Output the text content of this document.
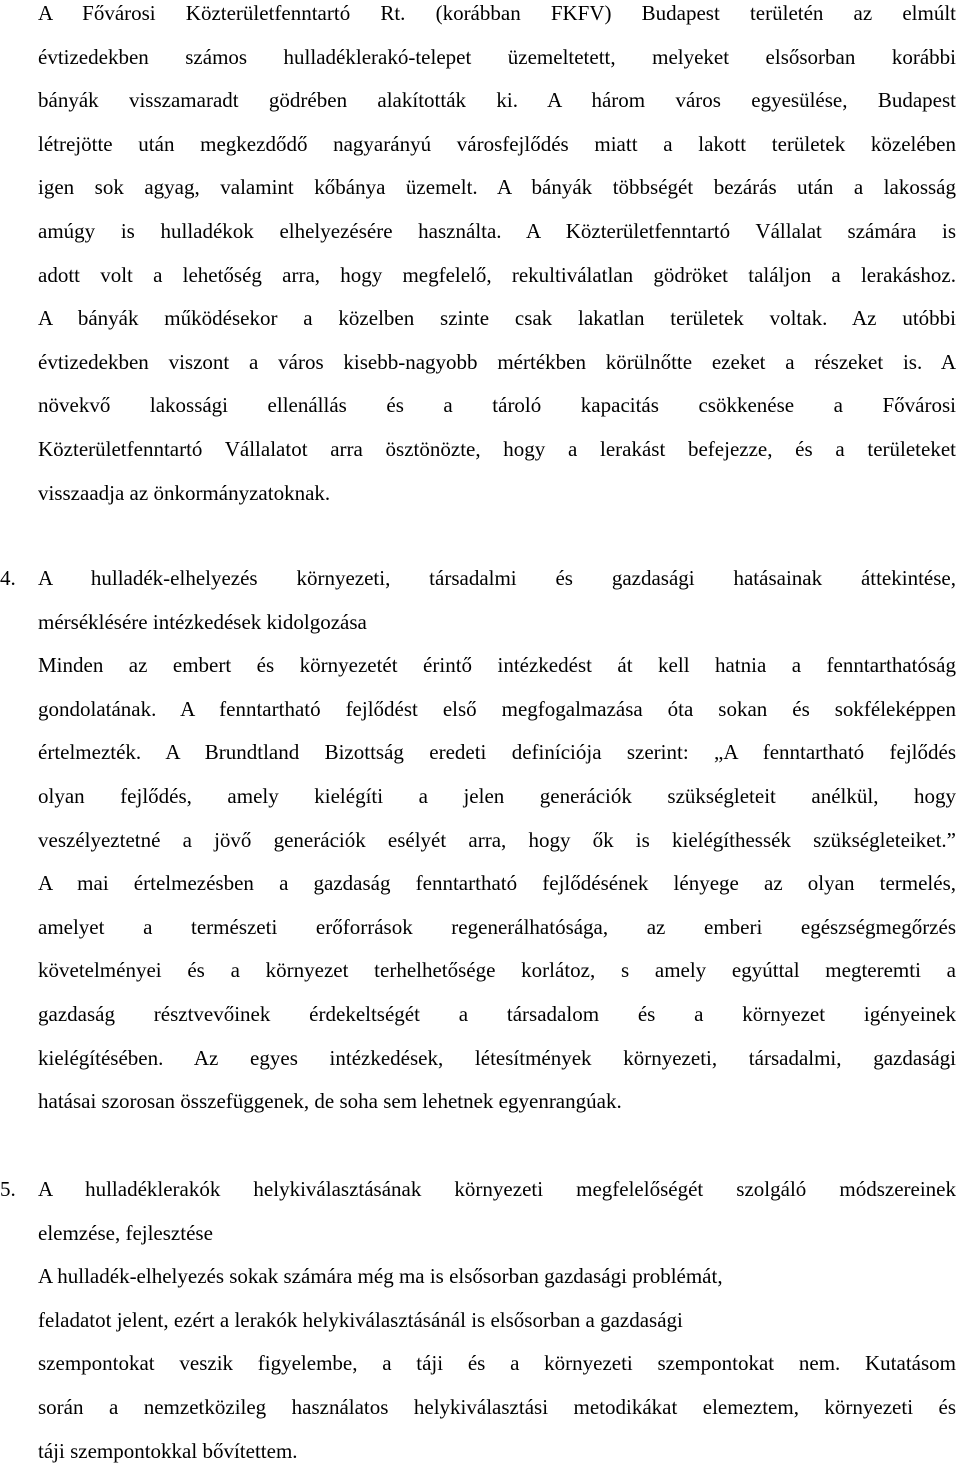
A Fővárosi Közterületfenntartó Rt. (korábban FKFV) Budapest területén az elmúlt
évtizedekben számos hulladéklerakó-telepet üzemeltetett, melyeket elsősorban korábbi
bányák visszamaradt gödrében alakították ki. A három város egyesülése, Budapest
létrejötte után megkezdődő nagyarányú városfejlődés miatt a lakott területek közelében
igen sok agyag, valamint kőbánya üzemelt. A bányák többségét bezárás után a lakosság
amúgy is hulladékok elhelyezésére használta. A Közterületfenntartó Vállalat számára is
adott volt a lehetőség arra, hogy megfelelő, rekultiválatlan gödröket találjon a lerakáshoz.
A bányák működésekor a közelben szinte csak lakatlan területek voltak. Az utóbbi
évtizedekben viszont a város kisebb-nagyobb mértékben körülnőtte ezeket a részeket is. A
növekvő lakossági ellenállás és a tároló kapacitás csökkenése a Fővárosi
Közterületfenntartó Vállalatot arra ösztönözte, hogy a lerakást befejezze, és a területeket
visszaadja az önkormányzatoknak.

4. A hulladék-elhelyezés környezeti, társadalmi és gazdasági hatásainak áttekintése,
mérséklésére intézkedések kidolgozása

Minden az embert és környezetét érintő intézkedést át kell hatnia a fenntarthatóság
gondolatának. A fenntartható fejlődést első megfogalmazása óta sokan és sokféleképpen
értelmezték. A Brundtland Bizottság eredeti definíciója szerint: „A fenntartható fejlődés
olyan fejlődés, amely kielégíti a jelen generációk szükségleteit anélkül, hogy
veszélyeztetné a jövő generációk esélyét arra, hogy ők is kielégíthessék szükségleteiket.”
A mai értelmezésben a gazdaság fenntartható fejlődésének lényege az olyan termelés,
amelyet a természeti erőforrások regenerálhatósága, az emberi egészségmegőrzés
követelményei és a környezet terhelhetősége korlátoz, s amely egyúttal megteremti a
gazdaság résztvevőinek érdekeltségét a társadalom és a környezet igényeinek
kielégítésében. Az egyes intézkedések, létesítmények környezeti, társadalmi, gazdasági
hatásai szorosan összefüggenek, de soha sem lehetnek egyenrangúak.

5. A hulladéklerakók helykiválasztásának környezeti megfelelőségét szolgáló módszereinek
elemzése, fejlesztése

A hulladék-elhelyezés sokak számára még ma is elsősorban gazdasági problémát,
feladatot jelent, ezért a lerakók helykiválasztásánál is elsősorban a gazdasági
szempontokat veszik figyelembe, a táji és a környezeti szempontokat nem. Kutatásom
során a nemzetközileg használatos helykiválasztási metodikákat elemeztem, környezeti és
táji szempontokkal bővítettem.
